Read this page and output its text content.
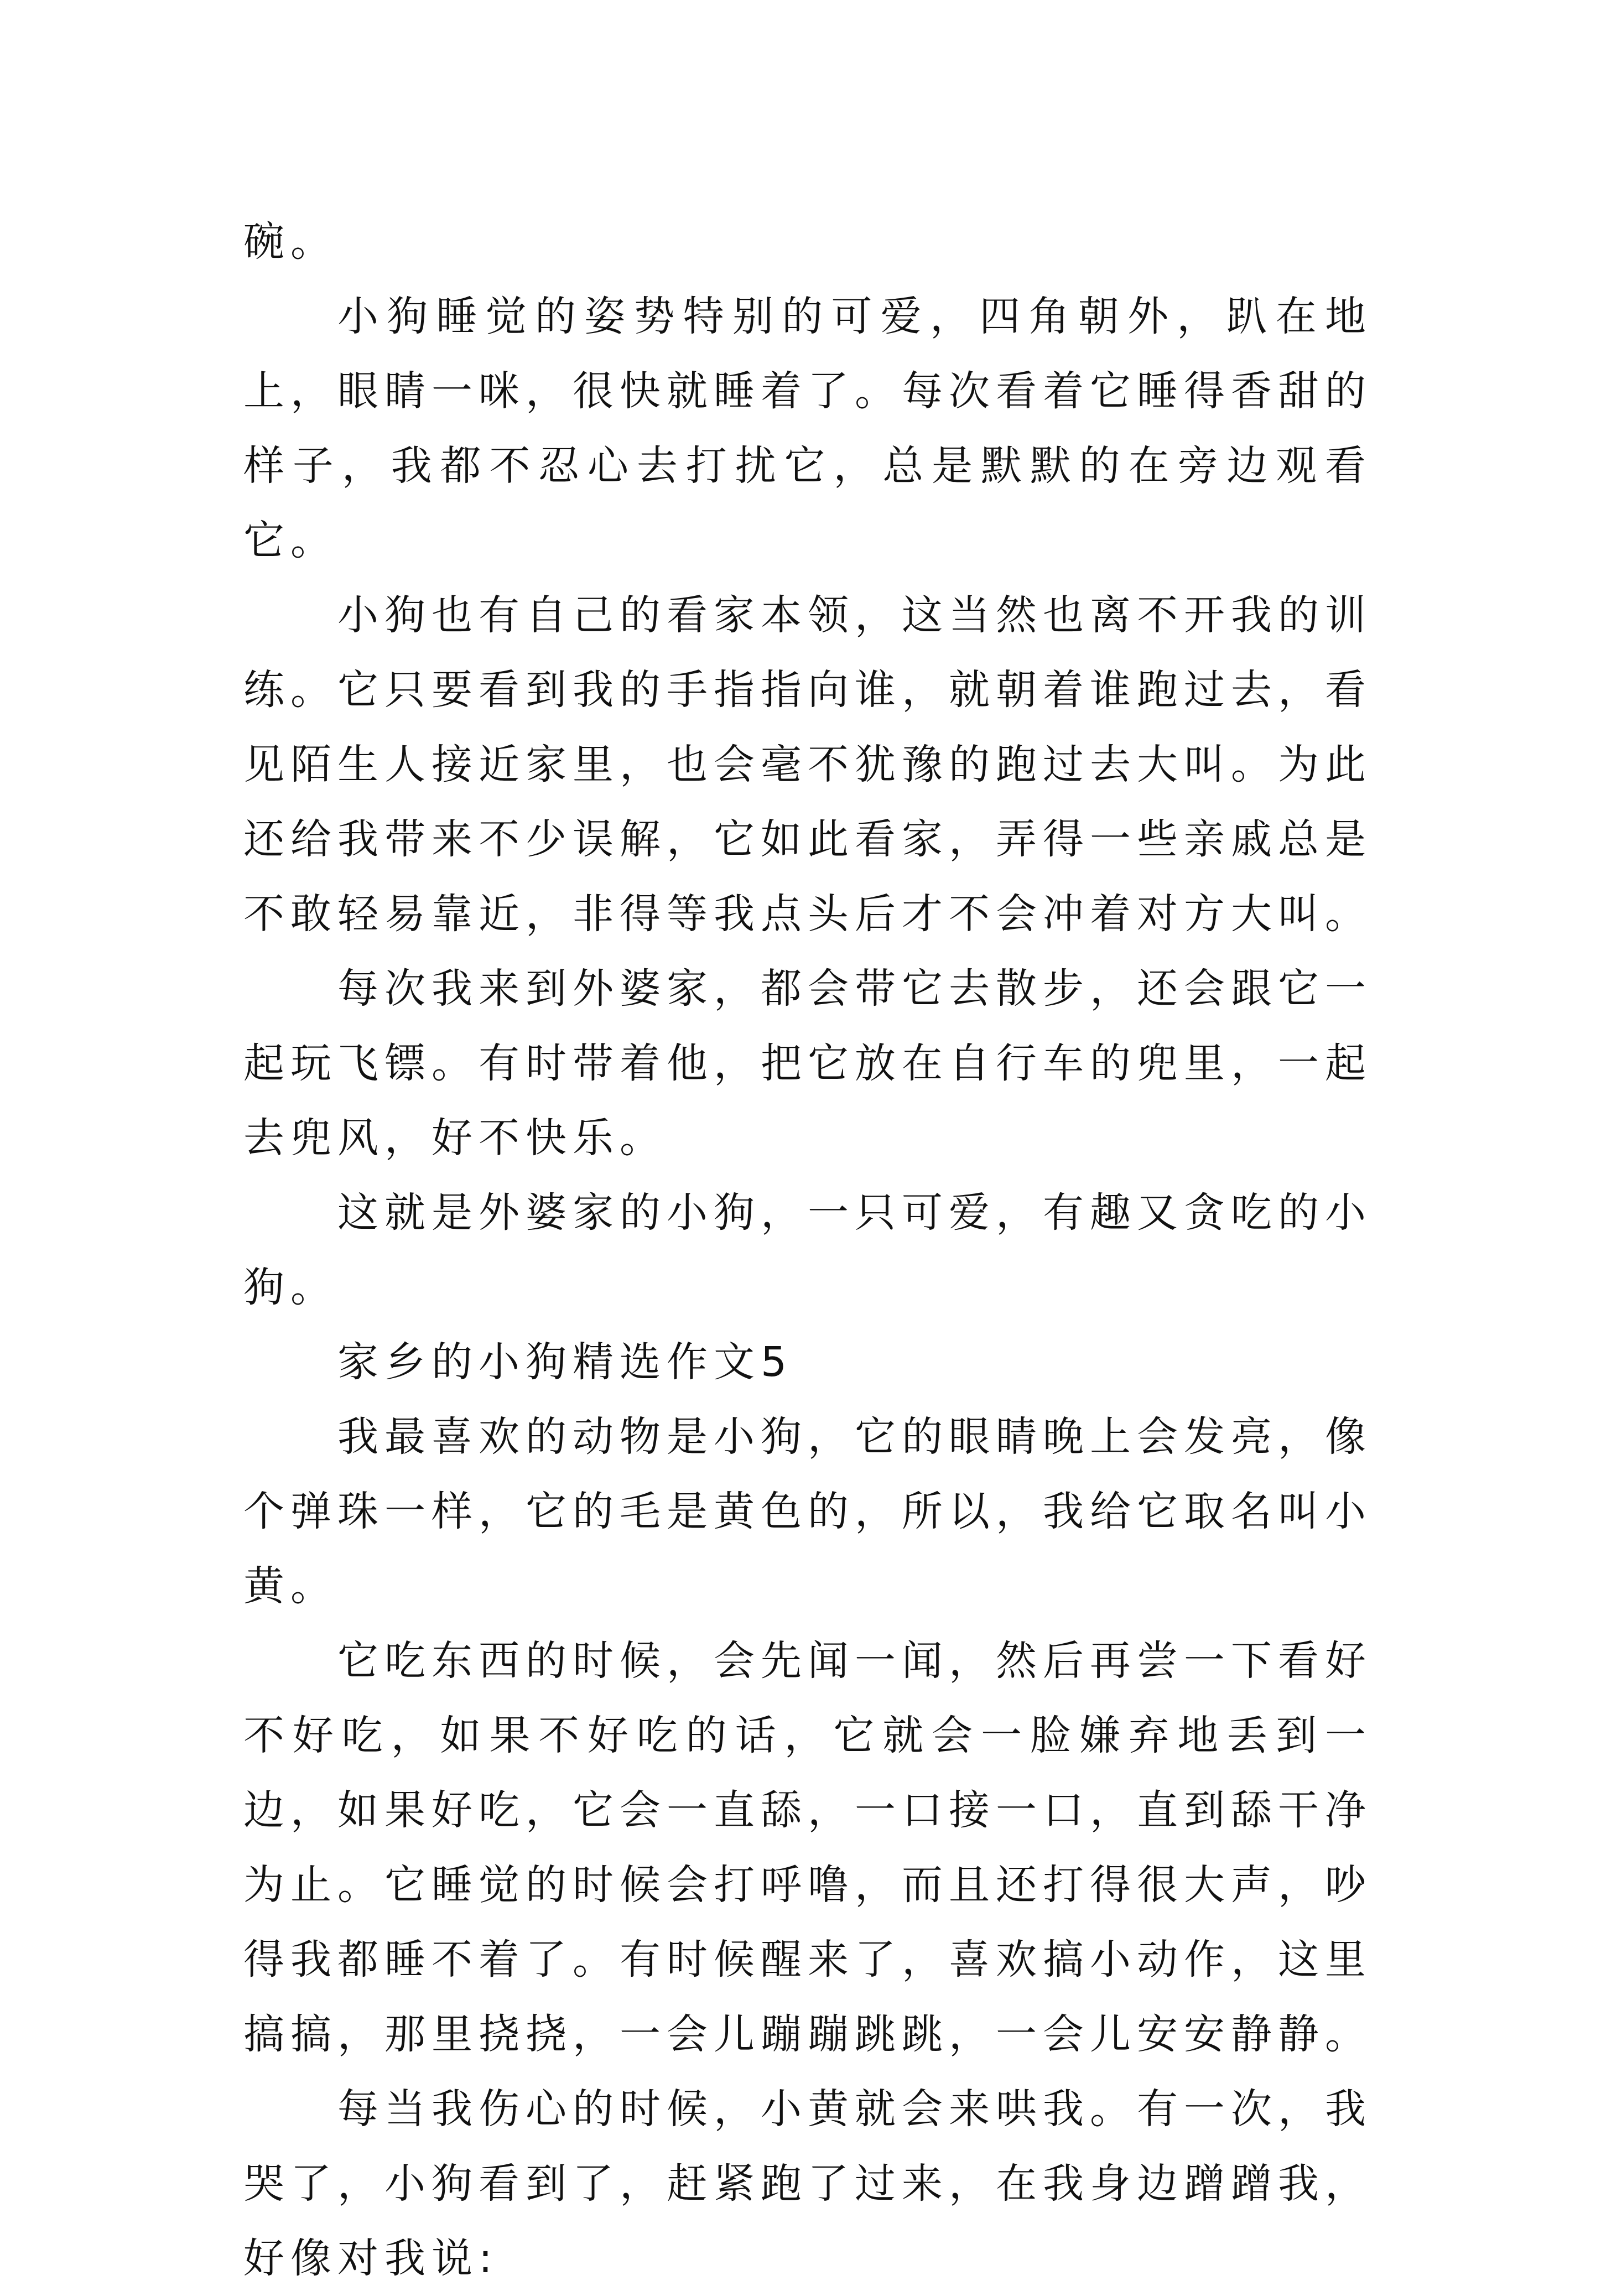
碗。

小狗睡觉的姿势特别的可爱，四角朝外，趴在地上，眼睛一咪，很快就睡着了。每次看着它睡得香甜的样子，我都不忍心去打扰它，总是默默的在旁边观看它。

小狗也有自己的看家本领，这当然也离不开我的训练。它只要看到我的手指指向谁，就朝着谁跑过去，看见陌生人接近家里，也会毫不犹豫的跑过去大叫。为此还给我带来不少误解，它如此看家，弄得一些亲戚总是不敢轻易靠近，非得等我点头后才不会冲着对方大叫。

每次我来到外婆家，都会带它去散步，还会跟它一起玩飞镖。有时带着他，把它放在自行车的兜里，一起去兜风，好不快乐。

这就是外婆家的小狗，一只可爱，有趣又贪吃的小狗。

家乡的小狗精选作文5

我最喜欢的动物是小狗，它的眼睛晚上会发亮，像个弹珠一样，它的毛是黄色的，所以，我给它取名叫小黄。

它吃东西的时候，会先闻一闻，然后再尝一下看好不好吃，如果不好吃的话，它就会一脸嫌弃地丢到一边，如果好吃，它会一直舔，一口接一口，直到舔干净为止。它睡觉的时候会打呼噜，而且还打得很大声，吵得我都睡不着了。有时候醒来了，喜欢搞小动作，这里搞搞，那里挠挠，一会儿蹦蹦跳跳，一会儿安安静静。

每当我伤心的时候，小黄就会来哄我。有一次，我哭了，小狗看到了，赶紧跑了过来，在我身边蹭蹭我，好像对我说:
